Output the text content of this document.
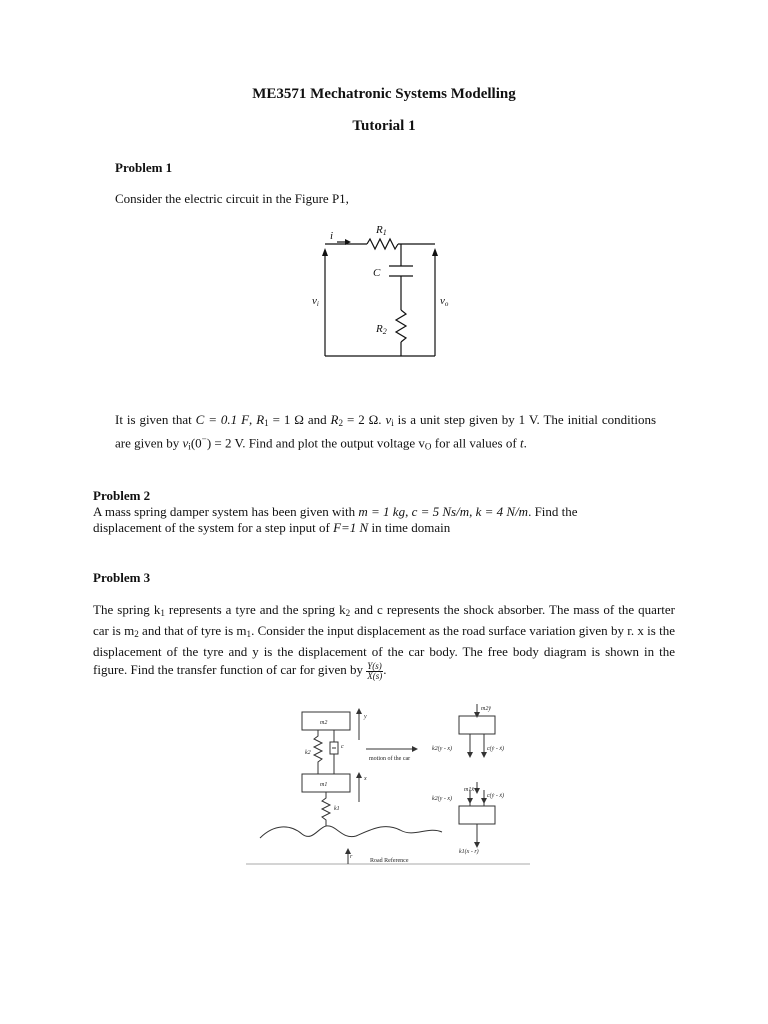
ME3571 Mechatronic Systems Modelling
Tutorial 1
Problem 1
Consider the electric circuit in the Figure P1,
i	R1
C
vi	vo
R2
It is given that C = 0.1 F, $R_1 = 1$ Ω and $R_2 = 2$ Ω. $v_i$ is a unit step given by 1 V. The initial conditions are given by $v_i(0^-) = 2$ V. Find and plot the output voltage $v_O$ for all values of t.
Problem 2
A mass spring damper system has been given with m = 1 kg, c = 5 Ns/m, k = 4 N/m. Find the displacement of the system for a step input of F=1 N in time domain
Problem 3
The spring $k_1$ represents a tyre and the spring $k_2$ and c represents the shock absorber. The mass of the quarter car is $m_2$ and that of tyre is $m_1$. Consider the input displacement as the road surface variation given by r. x is the displacement of the tyre and y is the displacement of the car body. The free body diagram is shown in the figure. Find the transfer function of car for given by $\frac{Y(s)}{X(s)}$ .
m2
m1
y
x
c
k2
k1
r
m2ÿ
k2(y - x)	c(ẏ - ẋ)
m1ẍ
k2(y - x)	c(ẏ - ẋ)
k1(x - r)
motion of the car
Road Reference
